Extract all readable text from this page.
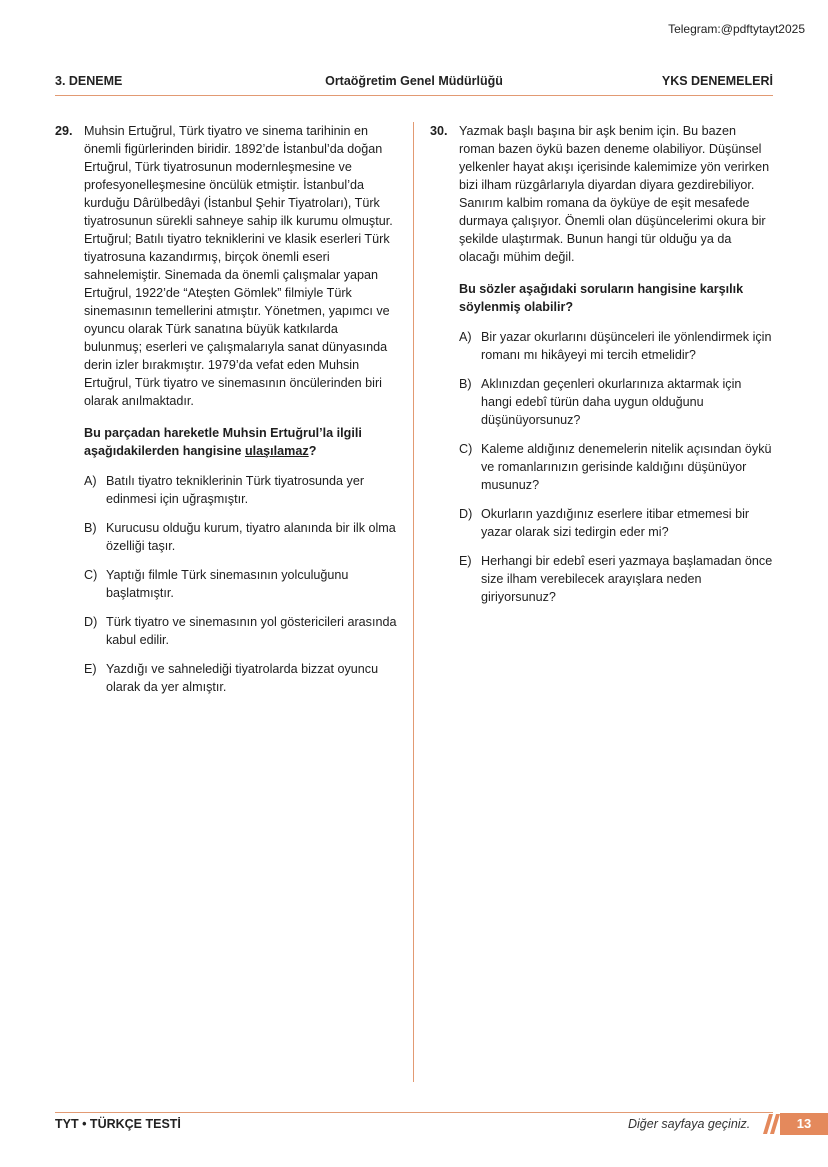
Telegram:@pdftytayt2025
3. DENEME	Ortaöğretim Genel Müdürlüğü	YKS DENEMELERİ
29. Muhsin Ertuğrul, Türk tiyatro ve sinema tarihinin en önemli figürlerinden biridir. 1892’de İstanbul’da doğan Ertuğrul, Türk tiyatrosunun modernleşmesine ve profesyonelleşmesine öncülük etmiştir. İstanbul’da kurduğu Dârülbedâyi (İstanbul Şehir Tiyatroları), Türk tiyatrosunun sürekli sahneye sahip ilk kurumu olmuştur. Ertuğrul; Batılı tiyatro tekniklerini ve klasik eserleri Türk tiyatrosuna kazandırmış, birçok önemli eseri sahnelemiştir. Sinemada da önemli çalışmalar yapan Ertuğrul, 1922’de “Ateşten Gömlek” filmiyle Türk sinemasının temellerini atmıştır. Yönetmen, yapımcı ve oyuncu olarak Türk sanatına büyük katkılarda bulunmuş; eserleri ve çalışmalarıyla sanat dünyasında derin izler bırakmıştır. 1979’da vefat eden Muhsin Ertuğrul, Türk tiyatro ve sinemasının öncülerinden biri olarak anılmaktadır.

Bu parçadan hareketle Muhsin Ertuğrul’la ilgili aşağıdakilerden hangisine ulaşılamaz?
A) Batılı tiyatro tekniklerinin Türk tiyatrosunda yer edinmesi için uğraşmıştır.
B) Kurucusu olduğu kurum, tiyatro alanında bir ilk olma özelliği taşır.
C) Yaptığı filmle Türk sinemasının yolculuğunu başlatmıştır.
D) Türk tiyatro ve sinemasının yol göstericileri arasında kabul edilir.
E) Yazdığı ve sahnelediği tiyatrolarda bizzat oyuncu olarak da yer almıştır.
30. Yazmak başlı başına bir aşk benim için. Bu bazen roman bazen öykü bazen deneme olabiliyor. Düşünsel yelkenler hayat akışı içerisinde kalemimize yön verirken bizi ilham rüzgârlarıyla diyardan diyara gezdirebiliyor. Sanırım kalbim romana da öyküye de eşit mesafede durmaya çalışıyor. Önemli olan düşüncelerimi okura bir şekilde ulaştırmak. Bunun hangi tür olduğu ya da olacağı mühim değil.

Bu sözler aşağıdaki soruların hangisine karşılık söylenmiş olabilir?
A) Bir yazar okurlarını düşünceleri ile yönlendirmek için romanı mı hikâyeyi mi tercih etmelidir?
B) Aklınızdan geçenleri okurlarınıza aktarmak için hangi edebî türün daha uygun olduğunu düşünüyorsunuz?
C) Kaleme aldığınız denemelerin nitelik açısından öykü ve romanlarınızın gerisinde kaldığını düşünüyor musunuz?
D) Okurların yazdığınız eserlere itibar etmemesi bir yazar olarak sizi tedirgin eder mi?
E) Herhangi bir edebî eseri yazmaya başlamadan önce size ilham verebilecek arayışlara neden giriyorsunuz?
TYT • TÜRKÇE TESTİ	Diğer sayfaya geçiniz.	13
